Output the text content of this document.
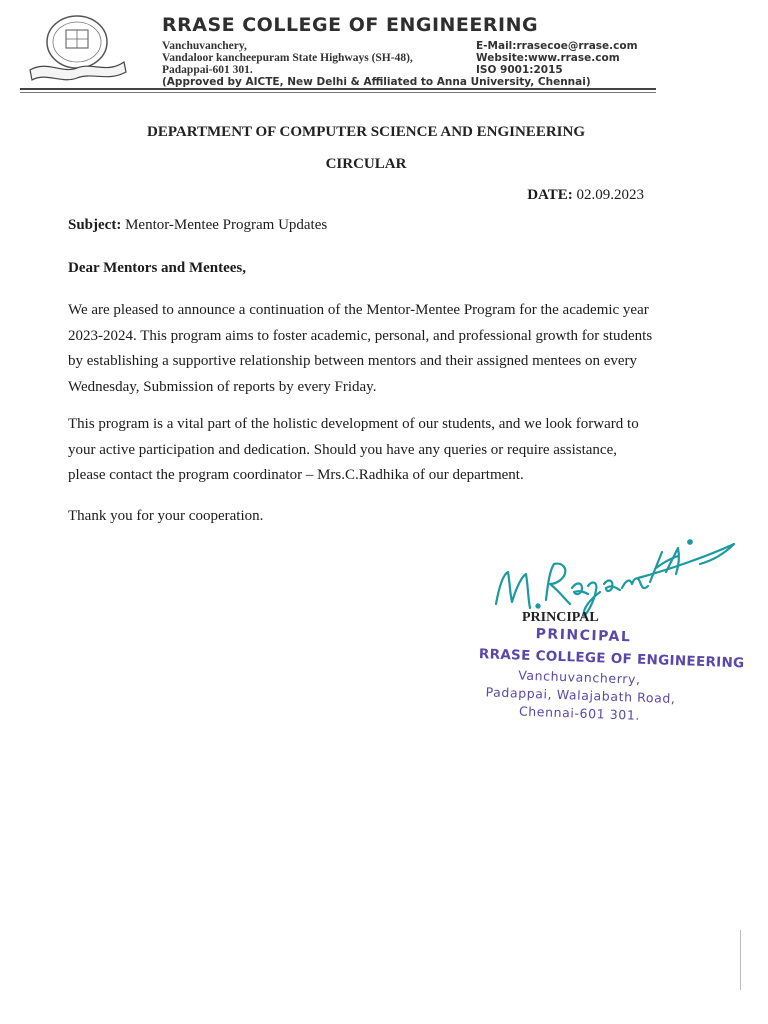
RRASE COLLEGE OF ENGINEERING
Vanchuvanchery,
Vandaloor kancheepuram State Highways (SH-48),
Padappai-601 301.
E-Mail:rrasecoe@rrase.com
Website:www.rrase.com
ISO 9001:2015
(Approved by AICTE, New Delhi & Affiliated to Anna University, Chennai)
DEPARTMENT OF COMPUTER SCIENCE AND ENGINEERING
CIRCULAR
DATE: 02.09.2023
Subject: Mentor-Mentee Program Updates
Dear Mentors and Mentees,
We are pleased to announce a continuation of the Mentor-Mentee Program for the academic year
2023-2024. This program aims to foster academic, personal, and professional growth for students
by establishing a supportive relationship between mentors and their assigned mentees on every
Wednesday, Submission of reports by every Friday.
This program is a vital part of the holistic development of our students, and we look forward to
your active participation and dedication. Should you have any queries or require assistance,
please contact the program coordinator – Mrs.C.Radhika of our department.
Thank you for your cooperation.
PRINCIPAL
PRINCIPAL
RRASE COLLEGE OF ENGINEERING
Vanchuvancherry,
Padappai, Walajabath Road,
Chennai-601 301.
